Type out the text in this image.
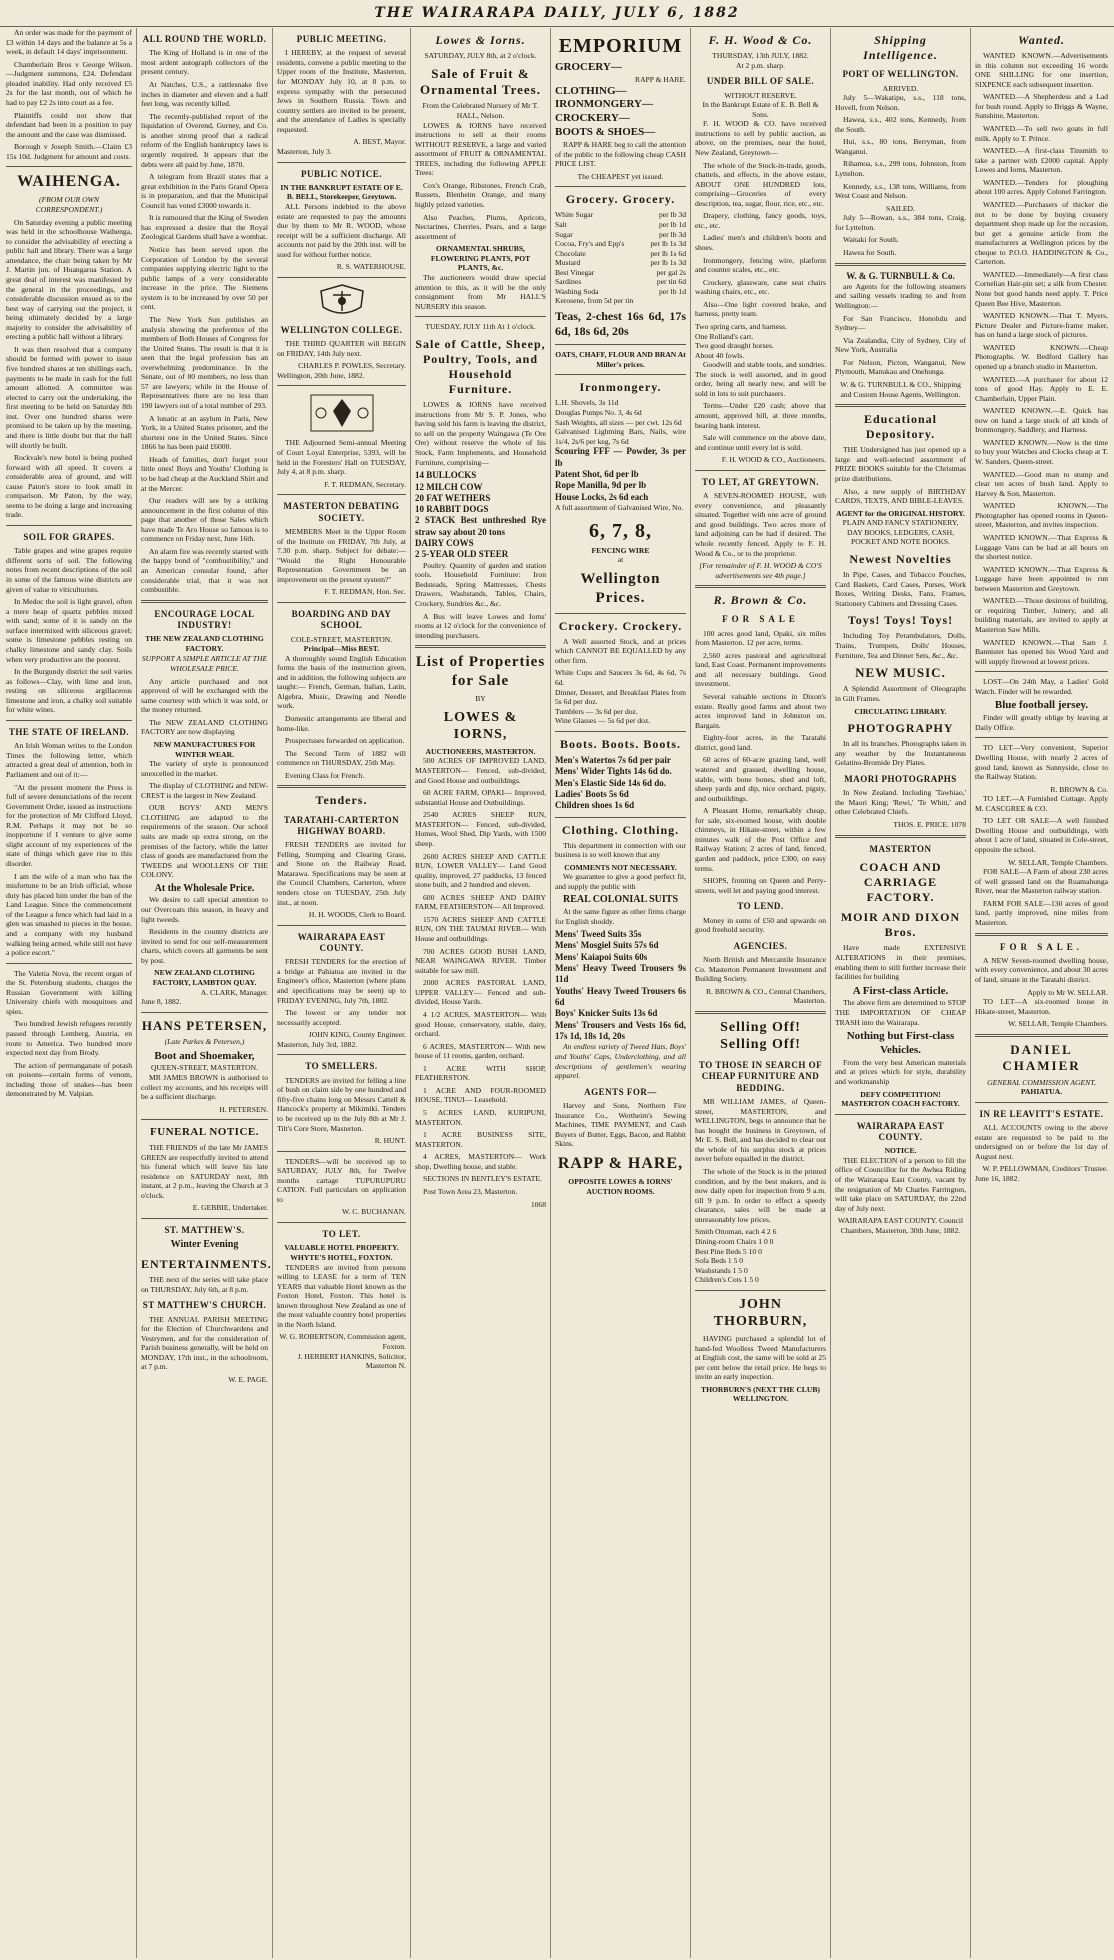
THE WAIRARAPA DAILY, JULY 6, 1882

An order was made for the payment of £3 within 14 days and the balance at 5s a week, in default 14 days' imprisonment.

Chamberlain Bros v George Wilson.—Judgment summons, £24. Defendant pleaded inability. Had only received £5 2s for the last month, out of which he had to pay £2 2s into court as a fee.

Plaintiffs could not show that defendant had been in a position to pay the amount and the case was dismissed.

Borough v Joseph Smith.—Claim £3 15s 10d. Judgment for amount and costs.

WAIHENGA.
(FROM OUR OWN CORRESPONDENT.)

On Saturday evening a public meeting was held in the schoolhouse Waihenga, to consider the advisability of erecting a public hall and library. There was a large attendance, the chair being taken by Mr J. Martin jun. of Huangarua Station. A great deal of interest was manifested by the general in the proceedings, and considerable discussion ensued as to the best way of carrying out the project, it being ultimately decided by a large majority to consider the advisability of erecting a public hall without a library.

It was then resolved that a company should be formed with power to issue five hundred shares at ten shillings each, payments to be made in cash for the full amount allotted. A committee was elected to carry out the undertaking, the first meeting to be held on Saturday 8th inst. Over one hundred shares were promised to be taken up by the meeting, and there is little doubt but that the hall will shortly be built.

Rockvale's new hotel is being pushed forward with all speed. It covers a considerable area of ground, and will cause Paton's store to look small in comparison. Mr Paton, by the way, seems to be doing a large and increasing trade.

SOIL FOR GRAPES.

Table grapes and wine grapes require different sorts of soil. The following notes from recent descriptions of the soil in some of the famous wine districts are given of value to viticulturists.

In Medoc the soil is light gravel, often a mere heap of quartz pebbles mixed with sand; some of it is sandy on the surface intermixed with siliceous gravel; some is limestone pebbles resting on chalky limestone and sandy clay. Soils when very productive are the poorest.

In the Burgundy district the soil varies as follows—Clay, with lime and iron, resting on siliceous argillaceous limestone and iron, a chalky soil suitable for white wines.

THE STATE OF IRELAND.

An Irish Woman writes to the London Times the following letter, which attracted a great deal of attention, both in Parliament and out of it:—

"At the present moment the Press is full of severe denunciations of the recent Government Order, issued as instructions for the protection of Mr Clifford Lloyd, R.M. Perhaps it may not be so inopportune if I venture to give some slight account of my experiences of the state of things which gave rise to this disorder.

I am the wife of a man who has the misfortune to be an Irish official, whose duty has placed him under the ban of the Land League. Since the commencement of the League a fence which had laid in a glen was smashed to pieces in the house, and a company with my husband walking being armed, while still not have a police escort."

The Valetia Nova, the recent organ of the St. Petersburg students, charges the Russian Government with killing University chiefs with mosquitoes and spies.

Two hundred Jewish refugees recently passed through Lemberg, Austria, en route to America. Two hundred more expected next day from Brody.

The action of permanganate of potash on poisons—certain forms of venom, including those of snakes—has been demonstrated by M. Valpian.

ALL ROUND THE WORLD.

The King of Holland is in one of the most ardent autograph collectors of the present century.

At Natches, U.S., a rattlesnake five inches in diameter and eleven and a half feet long, was recently killed.

The recently-published report of the liquidation of Overend, Gurney, and Co. is another strong proof that a radical reform of the English bankruptcy laws is urgently required. It appears that the debts were all paid by June, 1870.

A telegram from Brazil states that a great exhibition in the Paris Grand Opera is in preparation, and that the Municipal Council has voted £3000 towards it.

It is rumoured that the King of Sweden has expressed a desire that the Royal Zoological Gardens shall have a wombat.

Notice has been served upon the Corporation of London by the several companies supplying electric light to the public lamps of a very considerable increase in the price. The Siemens system is to be increased by over 50 per cent.

The New York Sun publishes an analysis showing the preference of the members of Both Houses of Congress for the United States. The result is that it is seen that the legal profession has an overwhelming predominance. In the Senate, out of 80 members, no less than 57 are lawyers; while in the House of Representatives there are no less than 190 lawyers out of a total number of 293.

A lunatic at an asylum in Paris, New York, in a United States prisoner, and the shortest one in the United States. Since 1866 he has been paid £6000.

Heads of families, don't forget your little ones! Boys and Youths' Clothing is to be had cheap at the Auckland Shirt and at the Mercer.

Our readers will see by a striking announcement in the first column of this page that another of those Sales which have made Te Aro House so famous is to commence on Friday next, June 16th.

An alarm fire was recently started with the happy bond of "combustibility," and an American consular found, after considerable trial, that it was not combustible.

ENCOURAGE LOCAL INDUSTRY!
THE NEW ZEALAND CLOTHING FACTORY.
SUPPORT A SIMPLE ARTICLE AT THE WHOLESALE PRICE.

Any article purchased and not approved of will be exchanged with the same courtesy with which it was sold, or the money returned.

The NEW ZEALAND CLOTHING FACTORY are now displaying

NEW MANUFACTURES FOR WINTER WEAR.

The variety of style is pronounced unexcelled in the market.

The display of CLOTHING and NEW-CREST is the largest in New Zealand.

OUR BOYS' AND MEN'S CLOTHING are adapted to the requirements of the season. Our school suits are made up extra strong, on the premises of the factory, while the latter class of goods are manufactured from the TWEEDS and WOOLLENS OF THE COLONY.

At the Wholesale Price.

We desire to call special attention to our Overcoats this season, in heavy and light tweeds.

Residents in the country districts are invited to send for our self-measurement charts, which covers all garments be sent by post.

NEW ZEALAND CLOTHING FACTORY, LAMBTON QUAY.
A. CLARK, Manager.
June 8, 1882.
HANS PETERSEN,
(Late Parkes & Petersen,)
Boot and Shoemaker,
QUEEN-STREET, MASTERTON.

MR JAMES BROWN is authorised to collect my accounts, and his receipts will be a sufficient discharge.

H. PETERSEN.
FUNERAL NOTICE.

THE FRIENDS of the late Mr JAMES GREEN are respectfully invited to attend his funeral which will leave his late residence on SATURDAY next, 8th instant, at 2 p.m., leaving the Church at 3 o'clock.

E. GEBBIE, Undertaker.
ST. MATTHEW'S.
Winter Evening
ENTERTAINMENTS.

THE next of the series will take place on THURSDAY, July 6th, at 8 p.m.

ST MATTHEW'S CHURCH.

THE ANNUAL PARISH MEETING for the Election of Churchwardens and Vestrymen, and for the consideration of Parish business generally, will be held on MONDAY, 17th inst., in the schoolroom, at 7 p.m.

W. E. PAGE.
PUBLIC MEETING.

I HEREBY, at the request of several residents, convene a public meeting to the Upper room of the Institute, Masterton, for MONDAY July 10, at 8 p.m. to express sympathy with the persecuted Jews in Southern Russia. Town and country settlers are invited to be present, and the attendance of Ladies is specially requested.

A. BEST, Mayor.
Masterton, July 3.
PUBLIC NOTICE.
IN THE BANKRUPT ESTATE OF E. B. BELL, Storekeeper, Greytown.

ALL Persons indebted to the above estate are requested to pay the amounts due by them to Mr R. WOOD, whose receipt will be a sufficient discharge. All accounts not paid by the 20th inst. will be sued for without further notice.

R. S. WATERHOUSE.
WELLINGTON COLLEGE.

THE THIRD QUARTER will BEGIN on FRIDAY, 14th July next.

CHARLES P. POWLES, Secretary.
Wellington, 20th June, 1882.

THE Adjourned Semi-annual Meeting of Court Loyal Enterprise, 5393, will be held in the Foresters' Hall on TUESDAY, July 4, at 8 p.m. sharp.

F. T. REDMAN, Secretary.
MASTERTON DEBATING SOCIETY.

MEMBERS Meet in the Upper Room of the Institute on FRIDAY, 7th July, at 7.30 p.m. sharp. Subject for debate:— "Would the Right Honourable Representation Government be an improvement on the present system?"

F. T. REDMAN, Hon. Sec.
BOARDING AND DAY SCHOOL
COLE-STREET, MASTERTON.
Principal—Miss BEST.

A thoroughly sound English Education forms the basis of the instruction given, and in addition, the following subjects are taught:— French, German, Italian, Latin, Algebra, Music, Drawing and Needle work.

Domestic arrangements are liberal and home-like.

Prospectuses forwarded on application.

The Second Term of 1882 will commence on THURSDAY, 25th May.

Evening Class for French.

Tenders.
TARATAHI-CARTERTON HIGHWAY BOARD.

FRESH TENDERS are invited for Felling, Stumping and Clearing Grass, and Stone on the Railway Road, Matarawa. Specifications may be seen at the Council Chambers, Carterton, where tenders close on TUESDAY, 25th July inst., at noon.

H. H. WOODS, Clerk to Board.
WAIRARAPA EAST COUNTY.

FRESH TENDERS for the erection of a bridge at Pahiatua are invited in the Engineer's office, Masterton (where plans and specifications may be seen) up to FRIDAY EVENING, July 7th, 1882.

The lowest or any tender not necessarily accepted.

JOHN KING, County Engineer.
Masterton, July 3rd, 1882.
TO SMELLERS.

TENDERS are invited for felling a line of bush on claim side by one hundred and fifty-five chains long on Messrs Cattell & Hancock's property at Mikimiki. Tenders to be received up to the July 8th at Mr J. Tilt's Core Store, Masterton.

R. HUNT.

TENDERS—will be received up to SATURDAY, JULY 8th, for Twelve months cartage TUPURUPURU CATION. Full particulars on application to

W. C. BUCHANAN.
TO LET.
VALUABLE HOTEL PROPERTY.
WHYTE'S HOTEL, FOXTON.

TENDERS are invited from persons willing to LEASE for a term of TEN YEARS that valuable Hotel known as the Foxton Hotel, Foxton. This hotel is known throughout New Zealand as one of the most valuable country hotel properties in the North Island.

W. G. ROBERTSON, Commission agent, Foxton.
J. HERBERT HANKINS, Solicitor, Masterton N.
Lowes & Iorns.
SATURDAY, JULY 8th, at 2 o'clock.
Sale of Fruit & Ornamental Trees.
From the Celebrated Nursery of Mr T. HALL, Nelson.

LOWES & IORNS have received instructions to sell at their rooms WITHOUT RESERVE, a large and varied assortment of FRUIT & ORNAMENTAL TREES, including the following APPLE Trees:

Cox's Orange, Ribstones, French Crab, Russets, Blenheim Orange, and many highly prized varieties.

Also Peaches, Plums, Apricots, Nectarines, Cherries, Pears, and a large assortment of

ORNAMENTAL SHRUBS, FLOWERING PLANTS, POT PLANTS, &c.

The auctioneers would draw special attention to this, as it will be the only consignment from Mr HALL'S NURSERY this season.

TUESDAY, JULY 11th At 1 o'clock.
Sale of Cattle, Sheep, Poultry, Tools, and Household Furniture.

LOWES & IORNS have received instructions from Mr S. P. Jones, who having sold his farm is leaving the district, to sell on the property Waingawa (Te Ore Ore) without reserve the whole of his Stock, Farm Implements, and Household Furniture, comprising—

14 BULLOCKS
12 MILCH COW
20 FAT WETHERS
10 RABBIT DOGS
2 STACK Best unthreshed Rye straw say about 20 tons
DAIRY COWS
2 5-YEAR OLD STEER

Poultry. Quantity of garden and station tools. Household Furniture: Iron Bedsteads, Spring Mattresses, Chests Drawers, Washstands, Tables, Chairs, Crockery, Sundries &c., &c.

A Bus will leave Lowes and Iorns' rooms at 12 o'clock for the convenience of intending purchasers.

List of Properties for Sale
BY
LOWES & IORNS,
AUCTIONEERS, MASTERTON.

500 ACRES OF IMPROVED LAND, MASTERTON— Fenced, sub-divided, and Good House and outbuildings.

60 ACRE FARM, OPAKI— Improved, substantial House and Outbuildings.

2540 ACRES SHEEP RUN, MASTERTON— Fenced, sub-divided, Homes, Wool Shed, Dip Yards, with 1500 sheep.

2600 ACRES SHEEP AND CATTLE RUN, LOWER VALLEY— Land Good quality, improved, 27 paddocks, 13 fenced stone built, and 2 hundred and eleven.

600 ACRES SHEEP AND DAIRY FARM, FEATHERSTON— All Improved.

1570 ACRES SHEEP AND CATTLE RUN, ON THE TAUMAI RIVER— With House and outbuildings.

700 ACRES GOOD BUSH LAND, NEAR WAINGAWA RIVER. Timber suitable for saw mill.

2000 ACRES PASTORAL LAND, UPPER VALLEY— Fenced and sub-divided, House Yards.

4 1/2 ACRES, MASTERTON— With good House, conservatory, stable, dairy, orchard.

6 ACRES, MASTERTON— With new house of 11 rooms, garden, orchard.

1 ACRE WITH SHOP, FEATHERSTON.

1 ACRE AND FOUR-ROOMED HOUSE, TINUI— Leasehold.

5 ACRES LAND, KURIPUNI, MASTERTON.

1 ACRE BUSINESS SITE, MASTERTON.

4 ACRES, MASTERTON— Work shop, Dwelling house, and stable.

SECTIONS IN BENTLEY'S ESTATE.

Post Town Area 23, Masterton.

1068
EMPORIUM
GROCERY—
RAPP & HARE.
CLOTHING—
IRONMONGERY—
CROCKERY—
BOOTS & SHOES—

RAPP & HARE beg to call the attention of the public to the following cheap CASH PRICE LIST.

The CHEAPEST yet issued.
Grocery. Grocery.
White Sugar	per lb 3d
Salt	per lb 1d
Sugar	per lb 3d
Cocoa, Fry's and Epp's	per lb 1s 3d
Chocolate	per lb 1s 6d
Mustard	per lb 1s 3d
Best Vinegar	per gal 2s
Sardines	per tin 6d
Washing Soda	per lb 1d
Kerosene, from 5d per tin
Teas, 2-chest 16s 6d, 17s 6d, 18s 6d, 20s
OATS, CHAFF, FLOUR AND BRAN At Miller's prices.
Ironmongery.
L.H. Shovels, 3s 11d
Douglas Pumps No. 3, 4s 6d
Sash Weights, all sizes — per cwt. 12s 6d
Galvanised Lightning Bars, Nails, wire 1s/4, 2s/6 per keg, 7s 6d
Scouring FFF — Powder, 3s per lb
Patent Shot, 6d per lb
Rope Manilla, 9d per lb
House Locks, 2s 6d each
A full assortment of Galvanised Wire, No.
6, 7, 8,
FENCING WIRE
at
Wellington Prices.
Crockery. Crockery.

A Well assorted Stock, and at prices which CANNOT BE EQUALLED by any other firm.

White Cups and Saucers 3s 6d, 4s 6d, 7s 6d.
Dinner, Dessert, and Breakfast Plates from 5s 6d per doz.
Tumblers — 3s 6d per doz.
Wine Glasses — 5s 6d per doz.
Boots. Boots. Boots.
Men's Watertos 7s 6d per pair
Mens' Wider Tights 14s 6d do.
Men's Elastic Side 14s 6d do.
Ladies' Boots 5s 6d
Children shoes 1s 6d
Clothing. Clothing.

This department in connection with our business is so well known that any

COMMENTS NOT NECESSARY.

We guarantee to give a good perfect fit, and supply the public with

REAL COLONIAL SUITS

At the same figure as other firms charge for English shoddy.

Mens' Tweed Suits 35s
Mens' Mosgiel Suits 57s 6d
Mens' Kaiapoi Suits 60s
Mens' Heavy Tweed Trousers 9s 11d
Youths' Heavy Tweed Trousers 6s 6d
Boys' Knicker Suits 13s 6d
Mens' Trousers and Vests 16s 6d, 17s 1d, 18s 1d, 20s

An endless variety of Tweed Hats, Boys' and Youths' Caps, Underclothing, and all descriptions of gentlemen's wearing apparel.

AGENTS FOR—

Harvey and Sons, Northern Fire Insurance Co., Wertheim's Sewing Machines, TIME PAYMENT, and Cash Buyers of Butter, Eggs, Bacon, and Rabbit Skins.

RAPP & HARE,
OPPOSITE LOWES & IORNS' AUCTION ROOMS.
F. H. Wood & Co.
THURSDAY, 13th JULY, 1882.
At 2 p.m. sharp.
UNDER BILL OF SALE.
WITHOUT RESERVE.
In the Bankrupt Estate of E. B. Bell & Sons.

F. H. WOOD & CO. have received instructions to sell by public auction, as above, on the premises, near the hotel, New Zealand, Greytown—

The whole of the Stock-in-trade, goods, chattels, and effects, in the above estate, ABOUT ONE HUNDRED lots, comprising—Groceries of every description, tea, sugar, flour, rice, etc., etc.

Drapery, clothing, fancy goods, toys, etc., etc.

Ladies' men's and children's boots and shoes.

Ironmongery, fencing wire, platform and counter scales, etc., etc.

Crockery, glassware, cane seat chairs washing chairs, etc., etc.

Also—One light covered brake, and harness, pretty team.

Two spring carts, and harness.
One Rolland's cart.
Two good draught horses.
About 40 fowls.

Goodwill and stable tools, and sundries. The stock is well assorted, and in good order, being all nearly new, and will be sold in lots to suit purchasers.

Terms—Under £20 cash; above that amount, approved bill, at three months, bearing bank interest.

Sale will commence on the above date, and continue until every lot is sold.

F. H. WOOD & CO., Auctioneers.
TO LET, AT GREYTOWN.

A SEVEN-ROOMED HOUSE, with every convenience, and pleasantly situated. Together with one acre of ground and good buildings. Two acres more of land adjoining can be had if desired. The whole recently fenced. Apply to F. H. Wood & Co., or to the proprietor.

[For remainder of F. H. WOOD & CO'S advertisements see 4th page.]
R. Brown & Co.
FOR SALE

100 acres good land, Opaki, six miles from Masterton. 12 per acre, terms.

2,560 acres pastoral and agricultural land, East Coast. Permanent improvements and all necessary buildings. Good investment.

Several valuable sections in Dixon's estate. Really good farms and about two acres improved land in Johnston on. Bargain.

Eighty-four acres, in the Taratahi district, good land.

60 acres of 60-acre grazing land, well watered and grassed, dwelling house, stable, with bone bones, shed and loft, sheep yards and dip, nice orchard, pigsty, and outbuildings.

A Pleasant Home, remarkably cheap, for sale, six-roomed house, with double chimneys, in Hikate-street, within a few minutes walk of the Post Office and Railway Station; 2 acres of land, fenced, garden and paddock, price £300, on easy terms.

SHOPS, fronting on Queen and Perry-streets, well let and paying good interest.

TO LEND.

Money in sums of £50 and upwards on good freehold security.

AGENCIES.

North British and Mercantile Insurance Co. Masterton Permanent Investment and Building Society.

R. BROWN & CO., Central Chambers, Masterton.
Selling Off! Selling Off!
TO THOSE IN SEARCH OF CHEAP FURNITURE AND BEDDING.

MR WILLIAM JAMES, of Queen-street, MASTERTON, and WELLINGTON, begs to announce that he has bought the business in Greytown, of Mr E. S. Bell, and has decided to clear out the whole of his surplus stock at prices never before equalled in the district.

The whole of the Stock is in the printed condition, and by the best makers, and is now daily open for inspection from 9 a.m. till 9 p.m. In order to effect a speedy clearance, sales will be made at unreasonably low prices.

Smith Ottoman, each 4 2 6
Dining-room Chairs 1 0 0
Best Pine Beds 5 10 0
Sofa Beds 1 5 0
Washstands 1 5 0
Children's Cots 1 5 0
JOHN THORBURN,

HAVING purchased a splendid lot of hand-fed Woolless Tweed Manufacturers at English cost, the same will be sold at 25 per cent below the retail price. He begs to invite an early inspection.

THORBURN'S (NEXT THE CLUB) WELLINGTON.
Shipping Intelligence.
PORT OF WELLINGTON.
ARRIVED.

July 5—Wakatipu, s.s., 118 tons, Hovell, from Nelson.

Hawea, s.s., 402 tons, Kennedy, from the South.

Hui, s.s., 80 tons, Berryman, from Wanganui.

Rihamoa, s.s., 299 tons, Johnston, from Lyttelton.

Kennedy, s.s., 138 tons, Williams, from West Coast and Nelson.

SAILED.

July 5—Rowan, s.s., 384 tons, Craig, for Lyttelton.

Waitaki for South.

Hawea for South.

W. & G. TURNBULL & Co.

are Agents for the following steamers and sailing vessels trading to and from Wellington:—

For San Francisco, Honolulu and Sydney—

Via Zealandia, City of Sydney, City of New York, Australia

For Nelson, Picton, Wanganui, New Plymouth, Manukau and Onehunga.

W. & G. TURNBULL & CO., Shipping and Custom House Agents, Wellington.
Educational Depository.

THE Undersigned has just opened up a large and well-selected assortment of PRIZE BOOKS suitable for the Christmas prize distributions.

Also, a new supply of BIRTHDAY CARDS, TEXTS, AND BIBLE-LEAVES.

AGENT for the ORIGINAL HISTORY.
PLAIN AND FANCY STATIONERY, DAY BOOKS, LEDGERS, CASH, POCKET AND NOTE BOOKS.
Newest Novelties

In Pipe, Cases, and Tobacco Pouches, Card Baskets, Card Cases, Purses, Work Boxes, Writing Desks, Fans, Frames, Stationery Cabinets and Dressing Cases.

Toys! Toys! Toys!

Including Toy Perambulators, Dolls, Trains, Trumpets, Dolls' Houses, Furniture, Tea and Dinner Sets, &c., &c.

NEW MUSIC.

A Splendid Assortment of Oleographs in Gilt Frames.

CIRCULATING LIBRARY.
PHOTOGRAPHY

In all its branches. Photographs taken in any weather by the Instantaneous Gelatino-Bromide Dry Plates.

MAORI PHOTOGRAPHS

In New Zealand. Including 'Tawhiao,' the Maori King; 'Rewi,' 'Te Whiti,' and other Celebrated Chiefs.

THOS. E. PRICE. 1078
MASTERTON
COACH AND CARRIAGE FACTORY.
MOIR AND DIXON Bros.

Have made EXTENSIVE ALTERATIONS in their premises, enabling them to still further increase their facilities for building

A First-class Article.

The above firm are determined to STOP THE IMPORTATION OF CHEAP TRASH into the Wairarapa.

Nothing but First-class Vehicles.

From the very best American materials and at prices which for style, durability and workmanship

DEFY COMPETITION!
MASTERTON COACH FACTORY.
WAIRARAPA EAST COUNTY.
NOTICE.

THE ELECTION of a person to fill the office of Councillor for the Awhea Riding of the Wairarapa East County, vacant by the resignation of Mr Charles Farrington, will take place on SATURDAY, the 22nd day of July next.

WAIRARAPA EAST COUNTY. Council Chambers, Masterton, 30th June, 1882.
Wanted.

WANTED KNOWN.—Advertisements in this column not exceeding 16 words ONE SHILLING for one insertion, SIXPENCE each subsequent insertion.

WANTED.—A Shepherdess and a Lad for bush round. Apply to Briggs & Wayne, Sunshine, Masterton.

WANTED.—To sell two goats in full milk. Apply to T. Prince.

WANTED.—A first-class Tinsmith to take a partner with £2000 capital. Apply Lowes and Iorns, Masterton.

WANTED.—Tenders for ploughing about 100 acres. Apply Colonel Farrington.

WANTED.—Purchasers of thicker die not to be done by buying creasery department shop made up for the occasion, but get a genuine article from the manufacturers at Wellington prices by the cheque to P.O.O. HADDINGTON & Co., Carterton.

WANTED.—Immediately—A first class Cornelian Hair-pin set; a silk from Chester. None but good hands need apply. T. Price Queen Bee Hive, Masterton.

WANTED KNOWN.—That T. Myers, Picture Dealer and Picture-frame maker, has on hand a large stock of pictures.

WANTED KNOWN.—Cheap Photographs. W. Bedford Gallery has opened up a branch studio in Masterton.

WANTED.—A purchaser for about 12 tons of good Hay. Apply to E. E. Chamberlain, Upper Plain.

WANTED KNOWN.—E. Quick has now on hand a large stock of all kinds of Ironmongery, Saddlery, and Harness.

WANTED KNOWN.—Now is the time to buy your Watches and Clocks cheap at T. W. Sanders, Queen-street.

WANTED.—Good man to stump and clear ten acres of bush land. Apply to Harvey & Son, Masterton.

WANTED KNOWN.—The Photographer has opened rooms in Queen-street, Masterton, and invites inspection.

WANTED KNOWN.—That Express & Luggage Vans can be had at all hours on the shortest notice.

WANTED KNOWN.—That Express & Luggage have been appointed to run between Masterton and Greytown.

WANTED.—Those desirous of building, or requiring Timber, Joinery, and all building materials, are invited to apply at Masterton Saw Mills.

WANTED KNOWN.—That Sam J. Bannister has opened his Wood Yard and will supply firewood at lowest prices.

LOST—On 24th May, a Ladies' Gold Watch. Finder will be rewarded.

Blue football jersey.

Finder will greatly oblige by leaving at Daily Office.

TO LET—Very convenient, Superior Dwelling House, with nearly 2 acres of good land, known as Sunnyside, close to the Railway Station.

R. BROWN & Co.

TO LET.—A Furnished Cottage. Apply M. CASCGREE & CO.

TO LET OR SALE—A well finished Dwelling House and outbuildings, with about 1 acre of land, situated in Cole-street, opposite the school.

W. SELLAR, Temple Chambers.

FOR SALE—A Farm of about 230 acres of well grassed land on the Ruamahunga River, near the Masterton railway station.

FARM FOR SALE—130 acres of good land, partly improved, nine miles from Masterton.

FOR SALE.

A NEW Seven-roomed dwelling house, with every convenience, and about 30 acres of land, situate in the Taratahi district.

Apply to Mr W. SELLAR.

TO LET—A six-roomed house in Hikate-street, Masterton.

W. SELLAR, Temple Chambers.
DANIEL CHAMIER
GENERAL COMMISSION AGENT,
PAHIATUA.
IN RE LEAVITT'S ESTATE.

ALL ACCOUNTS owing to the above estate are requested to be paid to the undersigned on or before the 1st day of August next.

W. P. PELLOWMAN, Creditors' Trustee.
June 16, 1882.
